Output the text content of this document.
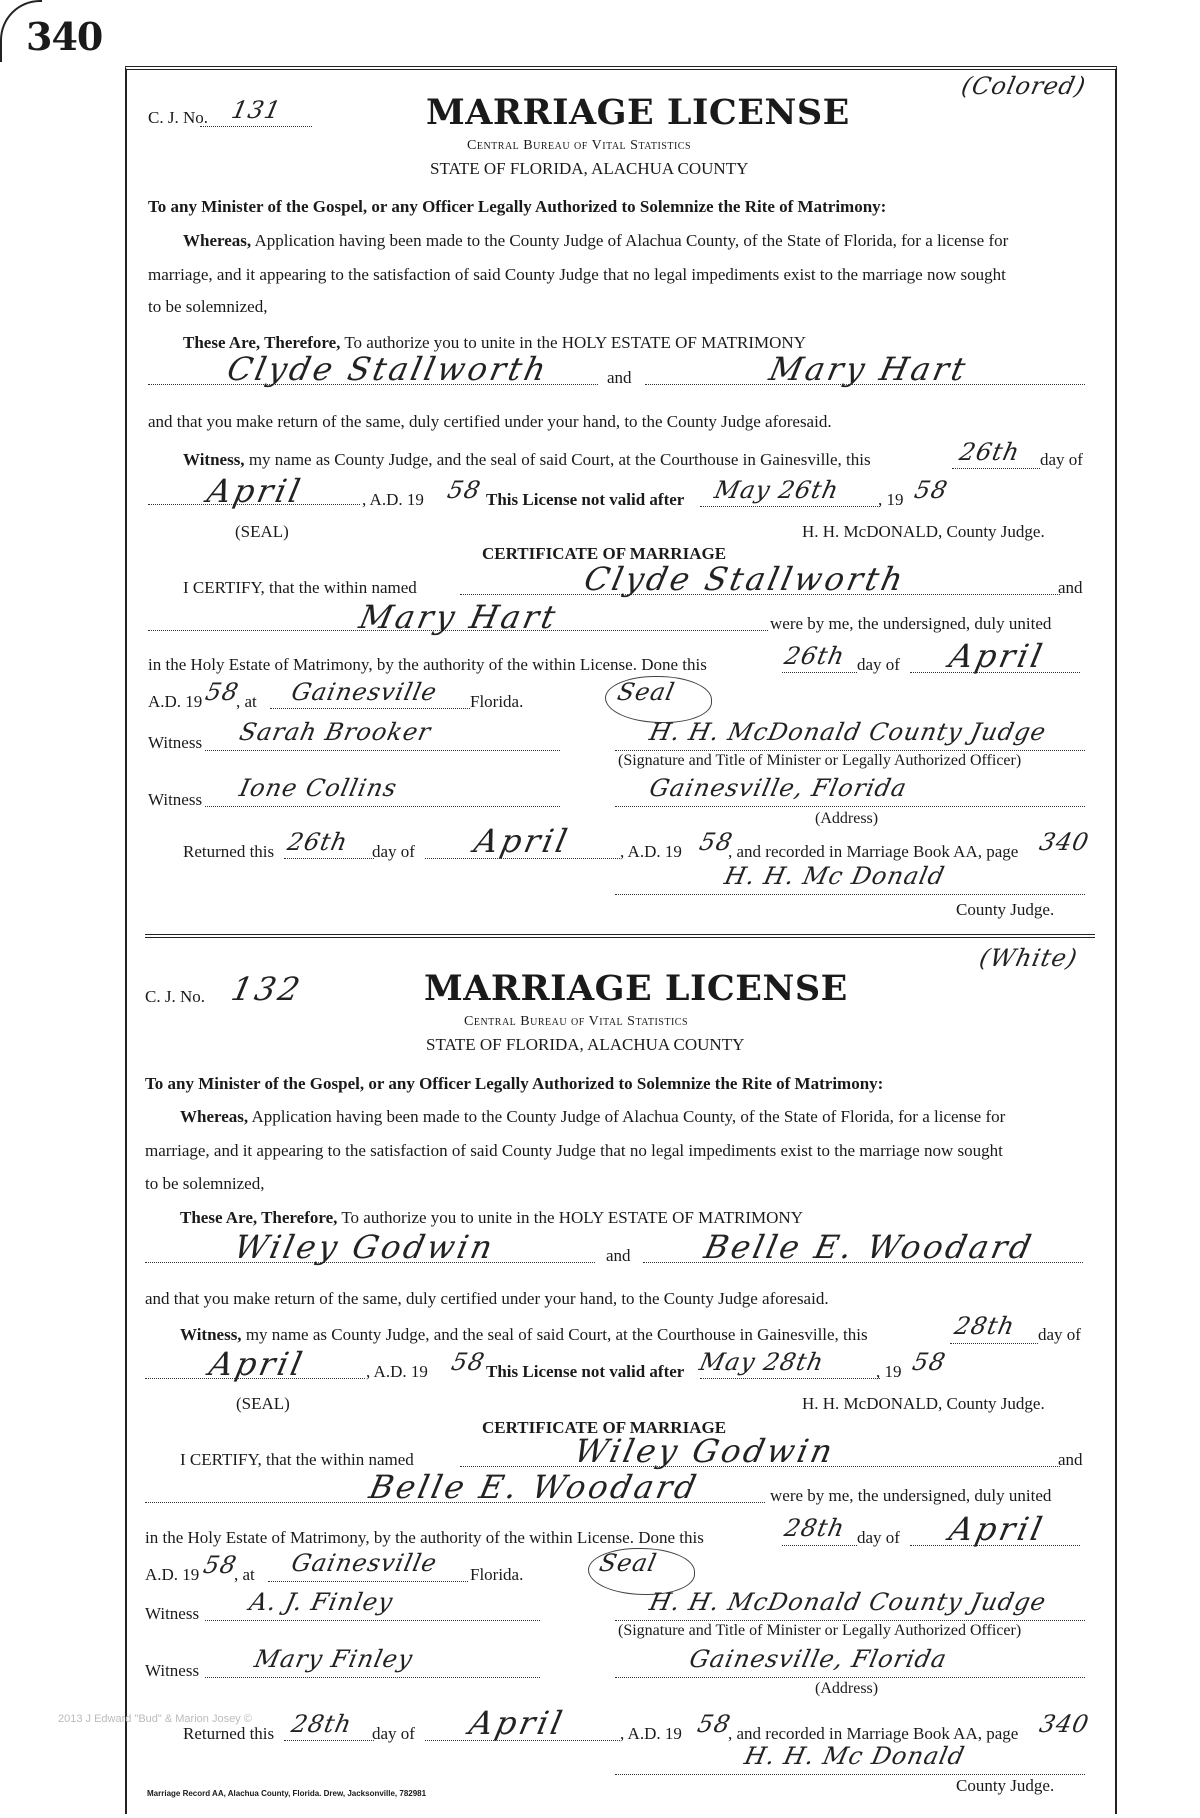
340
C. J. No. 131
(Colored)
MARRIAGE LICENSE
Central Bureau of Vital Statistics
STATE OF FLORIDA, ALACHUA COUNTY
To any Minister of the Gospel, or any Officer Legally Authorized to Solemnize the Rite of Matrimony:
Whereas, Application having been made to the County Judge of Alachua County, of the State of Florida, for a license for
marriage, and it appearing to the satisfaction of said County Judge that no legal impediments exist to the marriage now sought
to be solemnized,
These Are, Therefore, To authorize you to unite in the HOLY ESTATE OF MATRIMONY
Clyde Stallworth	and	Mary Hart
and that you make return of the same, duly certified under your hand, to the County Judge aforesaid.
Witness, my name as County Judge, and the seal of said Court, at the Courthouse in Gainesville, this	26th day of
April	, A.D. 19 58 This License not valid after May 26th , 19 58
(SEAL)	H. H. McDONALD, County Judge.
CERTIFICATE OF MARRIAGE
I CERTIFY, that the within named	Clyde Stallworth	and
Mary Hart	were by me, the undersigned, duly united
in the Holy Estate of Matrimony, by the authority of the within License. Done this	26th day of April
A.D. 19 58
, at Gainesville Florida.	Seal
Witness Sarah Brooker	H. H. McDonald County Judge
(Signature and Title of Minister or Legally Authorized Officer)
Witness Ione Collins	Gainesville, Florida
(Address)
Returned this 26th day of April	, A.D. 19 58
, and recorded in Marriage Book AA, page 340
H. H. Mc Donald
County Judge.
C. J. No. 132
(White)
MARRIAGE LICENSE
Central Bureau of Vital Statistics
STATE OF FLORIDA, ALACHUA COUNTY
To any Minister of the Gospel, or any Officer Legally Authorized to Solemnize the Rite of Matrimony:
Whereas, Application having been made to the County Judge of Alachua County, of the State of Florida, for a license for
marriage, and it appearing to the satisfaction of said County Judge that no legal impediments exist to the marriage now sought
to be solemnized,
These Are, Therefore, To authorize you to unite in the HOLY ESTATE OF MATRIMONY
Wiley Godwin	and Belle E. Woodard
and that you make return of the same, duly certified under your hand, to the County Judge aforesaid.
Witness, my name as County Judge, and the seal of said Court, at the Courthouse in Gainesville, this	28th day of
April	, A.D. 19 58
This License not valid after May 28th	, 19 58
(SEAL)	H. H. McDONALD, County Judge.
CERTIFICATE OF MARRIAGE
I CERTIFY, that the within named	Wiley Godwin	and
Belle E. Woodard	were by me, the undersigned, duly united
in the Holy Estate of Matrimony, by the authority of the within License. Done this	28th day of April
A.D. 19 58
, at Gainesville Florida.	Seal
Witness A. J. Finley	H. H. McDonald County Judge
(Signature and Title of Minister or Legally Authorized Officer)
Witness Mary Finley	Gainesville, Florida
(Address)
Returned this 28th day of April	, A.D. 19 58
, and recorded in Marriage Book AA, page 340
H. H. Mc Donald
County Judge.
2013 J Edward "Bud" & Marion Josey ©
Marriage Record AA, Alachua County, Florida. Drew, Jacksonville, 782981
